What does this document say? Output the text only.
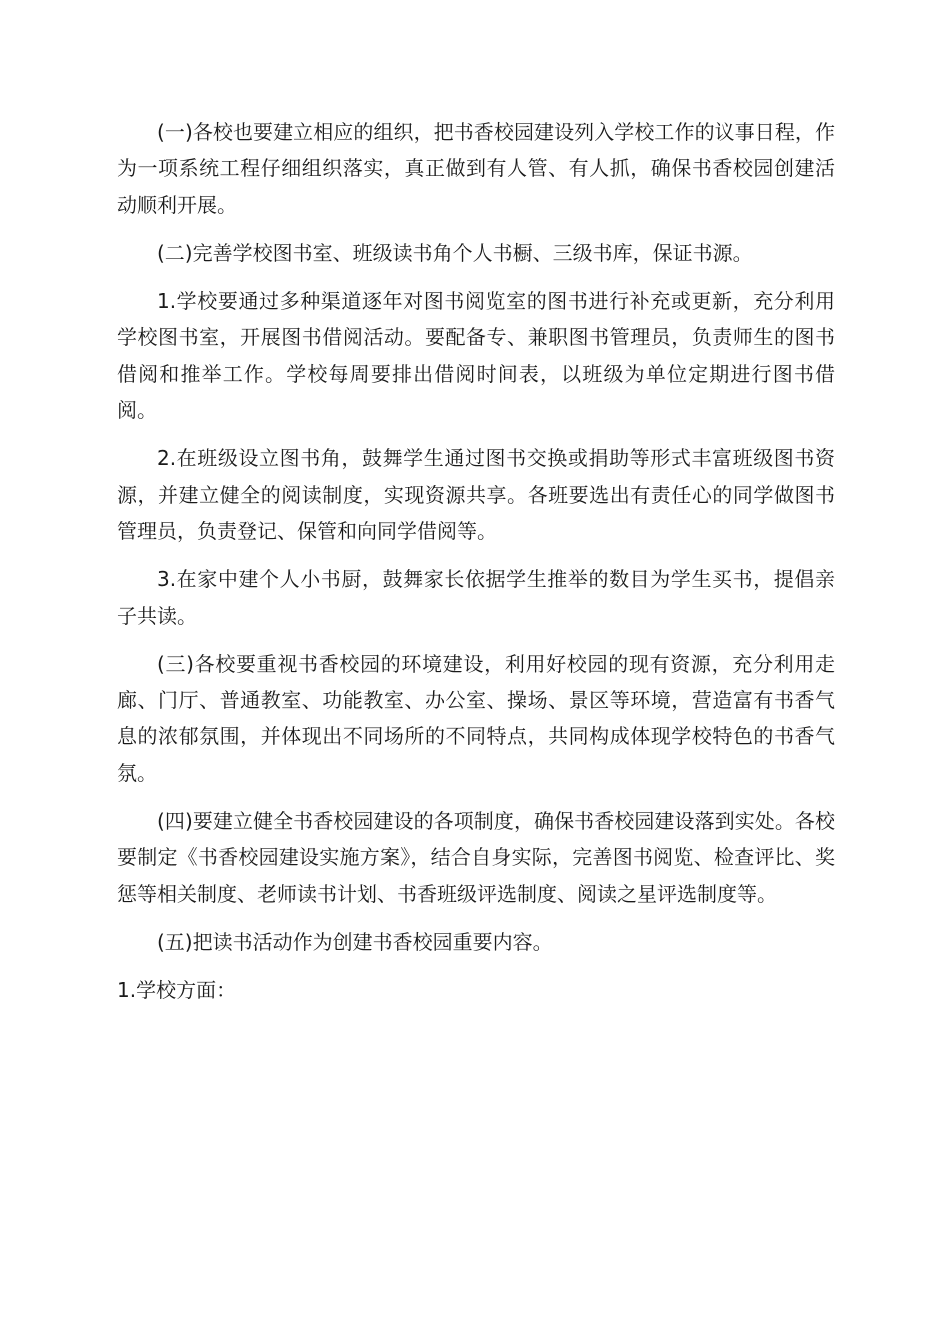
(一)各校也要建立相应的组织，把书香校园建设列入学校工作的议事日程，作为一项系统工程仔细组织落实，真正做到有人管、有人抓，确保书香校园创建活动顺利开展。

(二)完善学校图书室、班级读书角个人书橱、三级书库，保证书源。

1.学校要通过多种渠道逐年对图书阅览室的图书进行补充或更新，充分利用学校图书室，开展图书借阅活动。要配备专、兼职图书管理员，负责师生的图书借阅和推举工作。学校每周要排出借阅时间表，以班级为单位定期进行图书借阅。

2.在班级设立图书角，鼓舞学生通过图书交换或捐助等形式丰富班级图书资源，并建立健全的阅读制度，实现资源共享。各班要选出有责任心的同学做图书管理员，负责登记、保管和向同学借阅等。

3.在家中建个人小书厨，鼓舞家长依据学生推举的数目为学生买书，提倡亲子共读。

(三)各校要重视书香校园的环境建设，利用好校园的现有资源，充分利用走廊、门厅、普通教室、功能教室、办公室、操场、景区等环境，营造富有书香气息的浓郁氛围，并体现出不同场所的不同特点，共同构成体现学校特色的书香气氛。

(四)要建立健全书香校园建设的各项制度，确保书香校园建设落到实处。各校要制定《书香校园建设实施方案》，结合自身实际，完善图书阅览、检查评比、奖惩等相关制度、老师读书计划、书香班级评选制度、阅读之星评选制度等。

(五)把读书活动作为创建书香校园重要内容。

1.学校方面：
